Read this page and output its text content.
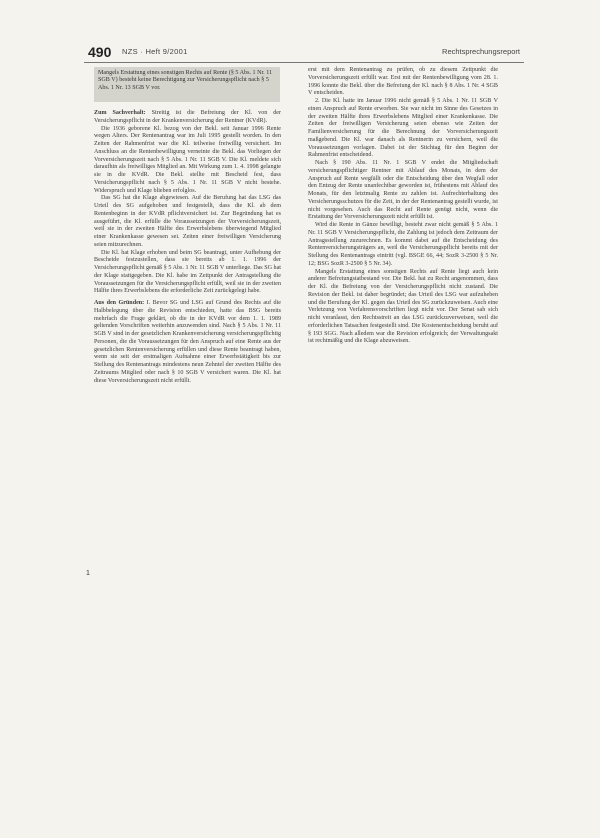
490 NZS · Heft 9/2001	Rechtsprechungsreport
Mangels Erstattung eines sonstigen Rechts auf Rente (§ 5 Abs. 1 Nr. 11 SGB V) besteht keine Berechtigung zur Versicherungspflicht nach § 5 Abs. 1 Nr. 13 SGB V vor.

Zum Sachverhalt: Streitig ist die Befreiung der Kl. von der Versicherungspflicht in der Krankenversicherung der Rentner (KVdR).

Die 1936 geborene Kl. bezog von der Bekl. seit Januar 1996 Rente wegen Alters. Der Rentenantrag war im Juli 1995 gestellt worden. In den Zeiten der Rahmenfrist war die Kl. teilweise freiwillig versichert. Im Anschluss an die Rentenbewilligung verneinte die Bekl. das Vorliegen der Vorversicherungszeit nach § 5 Abs. 1 Nr. 11 SGB V. Die Kl. meldete sich daraufhin als freiwilliges Mitglied an. Mit Wirkung zum 1. 4. 1998 gelangte sie in die KVdR. Die Bekl. stellte mit Bescheid fest, dass Versicherungspflicht nach § 5 Abs. 1 Nr. 11 SGB V nicht bestehe. Widerspruch und Klage blieben erfolglos.

Das SG hat die Klage abgewiesen. Auf die Berufung hat das LSG das Urteil des SG aufgehoben und festgestellt, dass die Kl. ab dem Rentenbeginn in der KVdR pflichtversichert ist. Zur Begründung hat es ausgeführt, die Kl. erfülle die Voraussetzungen der Vorversicherungszeit, weil sie in der zweiten Hälfte des Erwerbslebens überwiegend Mitglied einer Krankenkasse gewesen sei. Zeiten einer freiwilligen Versicherung seien mitzurechnen.

Die Kl. hat Klage erhoben und beim SG beantragt, unter Aufhebung der Bescheide festzustellen, dass sie bereits ab 1. 1. 1996 der Versicherungspflicht gemäß § 5 Abs. 1 Nr. 11 SGB V unterliege. Das SG hat der Klage stattgegeben. Die Kl. habe im Zeitpunkt der Antragstellung die Voraussetzungen für die Versicherungspflicht erfüllt, weil sie in der zweiten Hälfte ihres Erwerbslebens die erforderliche Zeit zurückgelegt habe.

Aus den Gründen: I. Bevor SG und LSG auf Grund des Rechts auf die Halbbelegung über die Revision entschieden, hatte das BSG bereits mehrfach die Frage geklärt, ob die in der KVdR vor dem 1. 1. 1989 geltenden Vorschriften weiterhin anzuwenden sind. Nach § 5 Abs. 1 Nr. 11 SGB V sind in der gesetzlichen Krankenversicherung versicherungspflichtig Personen, die die Voraussetzungen für den Anspruch auf eine Rente aus der gesetzlichen Rentenversicherung erfüllen und diese Rente beantragt haben, wenn sie seit der erstmaligen Aufnahme einer Erwerbstätigkeit bis zur Stellung des Rentenantrags mindestens neun Zehntel der zweiten Hälfte des Zeitraums Mitglied oder nach § 10 SGB V versichert waren. Die Kl. hat diese Vorversicherungszeit nicht erfüllt.

1

erst mit dem Rentenantrag zu prüfen, ob zu diesem Zeitpunkt die Vorversicherungszeit erfüllt war. Erst mit der Rentenbewilligung vom 28. 1. 1996 konnte die Bekl. über die Befreiung der Kl. nach § 8 Abs. 1 Nr. 4 SGB V entscheiden.

2. Die Kl. hatte im Januar 1996 nicht gemäß § 5 Abs. 1 Nr. 11 SGB V einen Anspruch auf Rente erworben. Sie war nicht im Sinne des Gesetzes in der zweiten Hälfte ihres Erwerbslebens Mitglied einer Krankenkasse. Die Zeiten der freiwilligen Versicherung seien ebenso wie Zeiten der Familienversicherung für die Berechnung der Vorversicherungszeit maßgebend. Die Kl. war danach als Rentnerin zu versichern, weil die Voraussetzungen vorlagen. Dabei ist der Stichtag für den Beginn der Rahmenfrist entscheidend.

Nach § 190 Abs. 11 Nr. 1 SGB V endet die Mitgliedschaft versicherungspflichtiger Rentner mit Ablauf des Monats, in dem der Anspruch auf Rente wegfällt oder die Entscheidung über den Wegfall oder den Entzug der Rente unanfechtbar geworden ist, frühestens mit Ablauf des Monats, für den letztmalig Rente zu zahlen ist. Aufrechterhaltung des Versicherungsschutzes für die Zeit, in der der Rentenantrag gestellt wurde, ist nicht vorgesehen. Auch das Recht auf Rente genügt nicht, wenn die Erstattung der Vorversicherungszeit nicht erfüllt ist.

Wird die Rente in Gänze bewilligt, besteht zwar nicht gemäß § 5 Abs. 1 Nr. 11 SGB V Versicherungspflicht, die Zahlung ist jedoch dem Zeitraum der Antragsstellung zuzurechnen. Es kommt dabei auf die Entscheidung des Rentenversicherungsträgers an, weil die Versicherungspflicht bereits mit der Stellung des Rentenantrags eintritt (vgl. BSGE 66, 44; SozR 3-2500 § 5 Nr. 12; BSG SozR 3-2500 § 5 Nr. 34).

Mangels Erstattung eines sonstigen Rechts auf Rente liegt auch kein anderer Befreiungstatbestand vor. Die Bekl. hat zu Recht angenommen, dass der Kl. die Befreiung von der Versicherungspflicht nicht zustand. Die Revision der Bekl. ist daher begründet; das Urteil des LSG war aufzuheben und die Berufung der Kl. gegen das Urteil des SG zurückzuweisen. Auch eine Verletzung von Verfahrensvorschriften liegt nicht vor. Der Senat sah sich nicht veranlasst, den Rechtsstreit an das LSG zurückzuverweisen, weil die erforderlichen Tatsachen festgestellt sind. Die Kostenentscheidung beruht auf § 193 SGG. Nach alledem war die Revision erfolgreich; der Verwaltungsakt ist rechtmäßig und die Klage abzuweisen.
